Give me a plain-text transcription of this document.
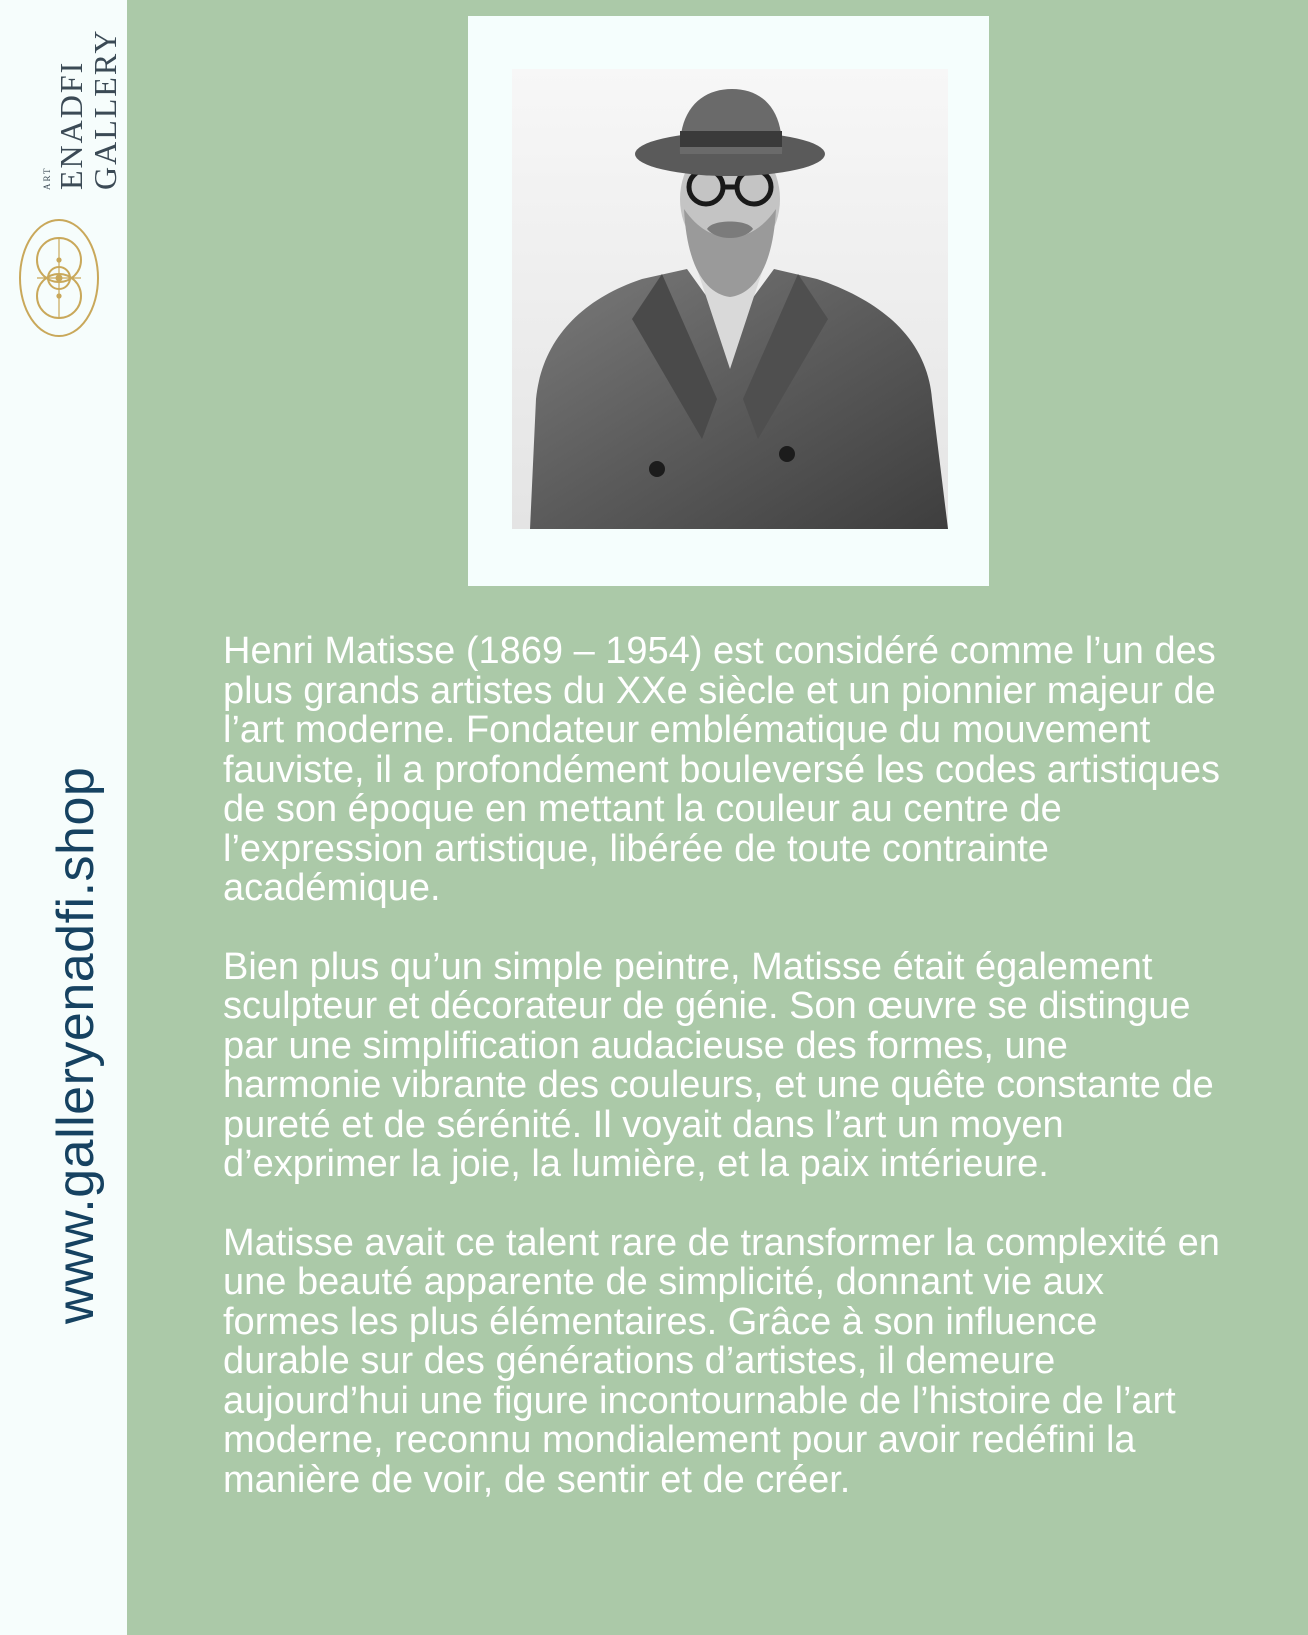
GALLERY
ENADFI
ART
www.galleryenadfi.shop

Henri Matisse (1869 – 1954) est considéré comme l’un des plus grands artistes du XXe siècle et un pionnier majeur de l’art moderne. Fondateur emblématique du mouvement fauviste, il a profondément bouleversé les codes artistiques de son époque en mettant la couleur au centre de l’expression artistique, libérée de toute contrainte académique.

Bien plus qu’un simple peintre, Matisse était également sculpteur et décorateur de génie. Son œuvre se distingue par une simplification audacieuse des formes, une harmonie vibrante des couleurs, et une quête constante de pureté et de sérénité. Il voyait dans l’art un moyen d’exprimer la joie, la lumière, et la paix intérieure.

Matisse avait ce talent rare de transformer la complexité en une beauté apparente de simplicité, donnant vie aux formes les plus élémentaires. Grâce à son influence durable sur des générations d’artistes, il demeure aujourd’hui une figure incontournable de l’histoire de l’art moderne, reconnu mondialement pour avoir redéfini la manière de voir, de sentir et de créer.
